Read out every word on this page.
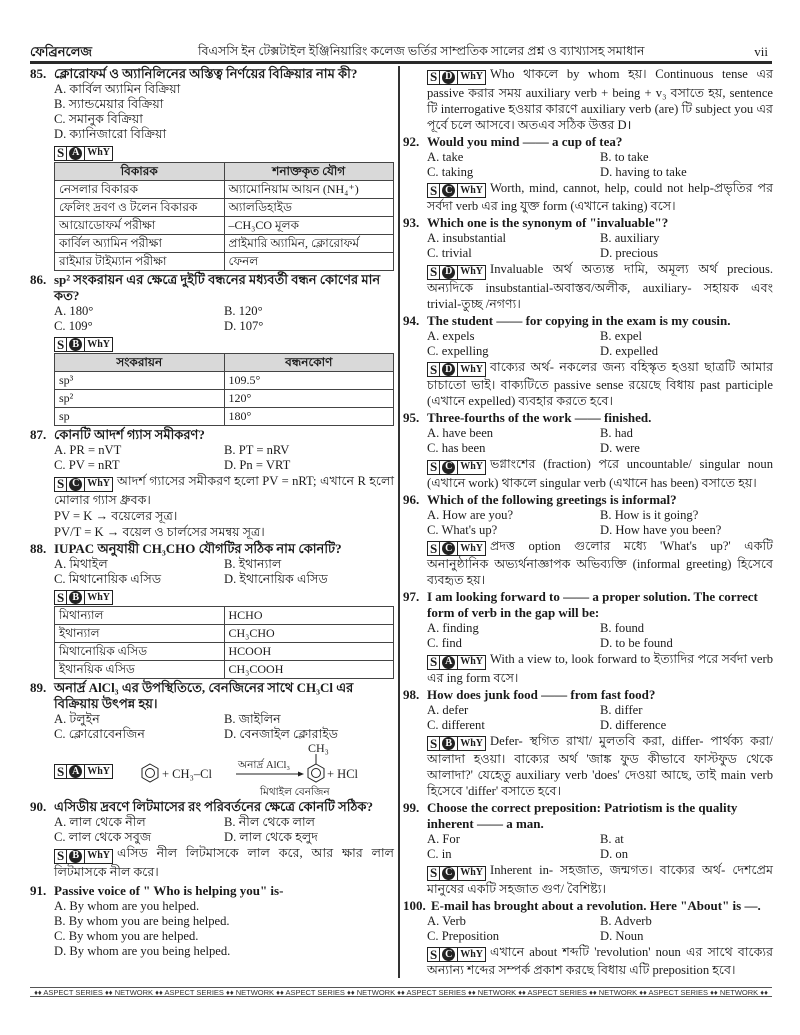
ফেব্রিনলেজ	বিএসসি ইন টেক্সটাইল ইঞ্জিনিয়ারিং কলেজ ভর্তির সাম্প্রতিক সালের প্রশ্ন ও ব্যাখ্যাসহ সমাধান	vii
85. ক্লোরোফর্ম ও অ্যানিলিনের অস্তিত্ব নির্ণয়ের বিক্রিয়ার নাম কী?
A. কার্বিল অ্যামিন বিক্রিয়া
B. স্যান্ডমেয়ার বিক্রিয়া
C. সমানুক বিক্রিয়া
D. ক্যানিজারো বিক্রিয়া
S A WhY
বিকারক	শনাক্তকৃত যৌগ
নেসলার বিকারক	অ্যামোনিয়াম আয়ন (NH₄⁺)
ফেলিং দ্রবণ ও টলেন বিকারক	অ্যালডিহাইড
আয়োডোফর্ম পরীক্ষা	–CH₃CO মূলক
কার্বিল অ্যামিন পরীক্ষা	প্রাইমারি অ্যামিন, ক্লোরোফর্ম
রাইমার টাইম্যান পরীক্ষা	ফেনল
86. sp² সংকরায়ন এর ক্ষেত্রে দুইটি বন্ধনের মধ্যবর্তী বন্ধন কোণের মান কত?
A. 180°	B. 120°
C. 109°	D. 107°
S B WhY
সংকরায়ন	বন্ধনকোণ
sp³	109.5°
sp²	120°
sp	180°
87. কোনটি আদর্শ গ্যাস সমীকরণ?
A. PR = nVT	B. PT = nRV
C. PV = nRT	D. Pn = VRT
S C WhY আদর্শ গ্যাসের সমীকরণ হলো PV = nRT; এখানে R হলো মোলার গ্যাস ধ্রুবক।
PV = K → বয়েলের সূত্র।
PV/T = K → বয়েল ও চার্লসের সমন্বয় সূত্র।
88. IUPAC অনুযায়ী CH₃CHO যৌগটির সঠিক নাম কোনটি?
A. মিথাইল	B. ইথান্যাল
C. মিথানোয়িক এসিড	D. ইথানোয়িক এসিড
S B WhY
মিথান্যাল	HCHO
ইথান্যাল	CH₃CHO
মিথানোয়িক এসিড	HCOOH
ইথানয়িক এসিড	CH₃COOH
89. অনার্দ্র AlCl₃ এর উপস্থিতিতে, বেনজিনের সাথে CH₃Cl এর বিক্রিয়ায় উৎপন্ন হয়।
A. টলুইন	B. জাইলিন
C. ক্লোরোবেনজিন	D. বেনজাইল ক্লোরাইড
S A WhY	+ CH₃–Cl
অনার্দ্র AlCl₃
CH₃
+ HCl
মিথাইল বেনজিন
90. এসিডীয় দ্রবণে লিটমাসের রং পরিবর্তনের ক্ষেত্রে কোনটি সঠিক?
A. লাল থেকে নীল	B. নীল থেকে লাল
C. লাল থেকে সবুজ	D. লাল থেকে হলুদ
S B WhY এসিড নীল লিটমাসকে লাল করে, আর ক্ষার লাল লিটমাসকে নীল করে।
91. Passive voice of " Who is helping you" is-
A. By whom are you helped.
B. By whom you are being helped.
C. By whom you are helped.
D. By whom are you being helped.
S D WhY Who থাকলে by whom হয়। Continuous tense এর passive করার সময় auxiliary verb + being + v₃ বসাতে হয়, sentence টি interrogative হওয়ার কারণে auxiliary verb (are) টি subject you এর পূর্বে চলে আসবে। অতএব সঠিক উত্তর D।
92. Would you mind —— a cup of tea?
A. take	B. to take
C. taking	D. having to take
S C WhY Worth, mind, cannot, help, could not help-প্রভৃতির পর সর্বদা verb এর ing যুক্ত form (এখানে taking) বসে।
93. Which one is the synonym of "invaluable"?
A. insubstantial	B. auxiliary
C. trivial	D. precious
S D WhY Invaluable অর্থ অত্যন্ত দামি, অমূল্য অর্থ precious. অন্যদিকে insubstantial-অবাস্তব/অলীক, auxiliary- সহায়ক এবং trivial-তুচ্ছ /নগণ্য।
94. The student —— for copying in the exam is my cousin.
A. expels	B. expel
C. expelling	D. expelled
S D WhY বাক্যের অর্থ- নকলের জন্য বহিস্কৃত হওয়া ছাত্রটি আমার চাচাতো ভাই। বাক্যটিতে passive sense রয়েছে বিধায় past participle (এখানে expelled) ব্যবহার করতে হবে।
95. Three-fourths of the work —— finished.
A. have been	B. had
C. has been	D. were
S C WhY ভগ্নাংশের (fraction) পরে uncountable/ singular noun (এখানে work) থাকলে singular verb (এখানে has been) বসাতে হয়।
96. Which of the following greetings is informal?
A. How are you?	B. How is it going?
C. What's up?	D. How have you been?
S C WhY প্রদত্ত option গুলোর মধ্যে 'What's up?' একটি অনানুষ্ঠানিক অভ্যর্থনাজ্ঞাপক অভিব্যক্তি (informal greeting) হিসেবে ব্যবহৃত হয়।
97. I am looking forward to —— a proper solution. The correct form of verb in the gap will be:
A. finding	B. found
C. find	D. to be found
S A WhY With a view to, look forward to ইত্যাদির পরে সর্বদা verb এর ing form বসে।
98. How does junk food —— from fast food?
A. defer	B. differ
C. different	D. difference
S B WhY Defer- স্থগিত রাখা/ মুলতবি করা, differ- পার্থক্য করা/ আলাদা হওয়া। বাক্যের অর্থ 'জাঙ্ক ফুড কীভাবে ফাস্টফুড থেকে আলাদা?' যেহেতু auxiliary verb 'does' দেওয়া আছে, তাই main verb হিসেবে 'differ' বসাতে হবে।
99. Choose the correct preposition: Patriotism is the quality inherent —— a man.
A. For	B. at
C. in	D. on
S C WhY Inherent in- সহজাত, জন্মগত। বাক্যের অর্থ- দেশপ্রেম মানুষের একটি সহজাত গুণ/ বৈশিষ্ট্য।
100. E-mail has brought about a revolution. Here "About" is —.
A. Verb	B. Adverb
C. Preposition	D. Noun
S C WhY এখানে about শব্দটি 'revolution' noun এর সাথে বাক্যের অন্যান্য শব্দের সম্পর্ক প্রকাশ করছে বিধায় এটি preposition হবে।
♦♦ ASPECT SERIES ♦♦ NETWORK ♦♦ ASPECT SERIES ♦♦ NETWORK ♦♦ ASPECT SERIES ♦♦ NETWORK ♦♦ ASPECT SERIES ♦♦ NETWORK ♦♦ ASPECT SERIES ♦♦ NETWORK ♦♦ ASPECT SERIES ♦♦ NETWORK ♦♦
